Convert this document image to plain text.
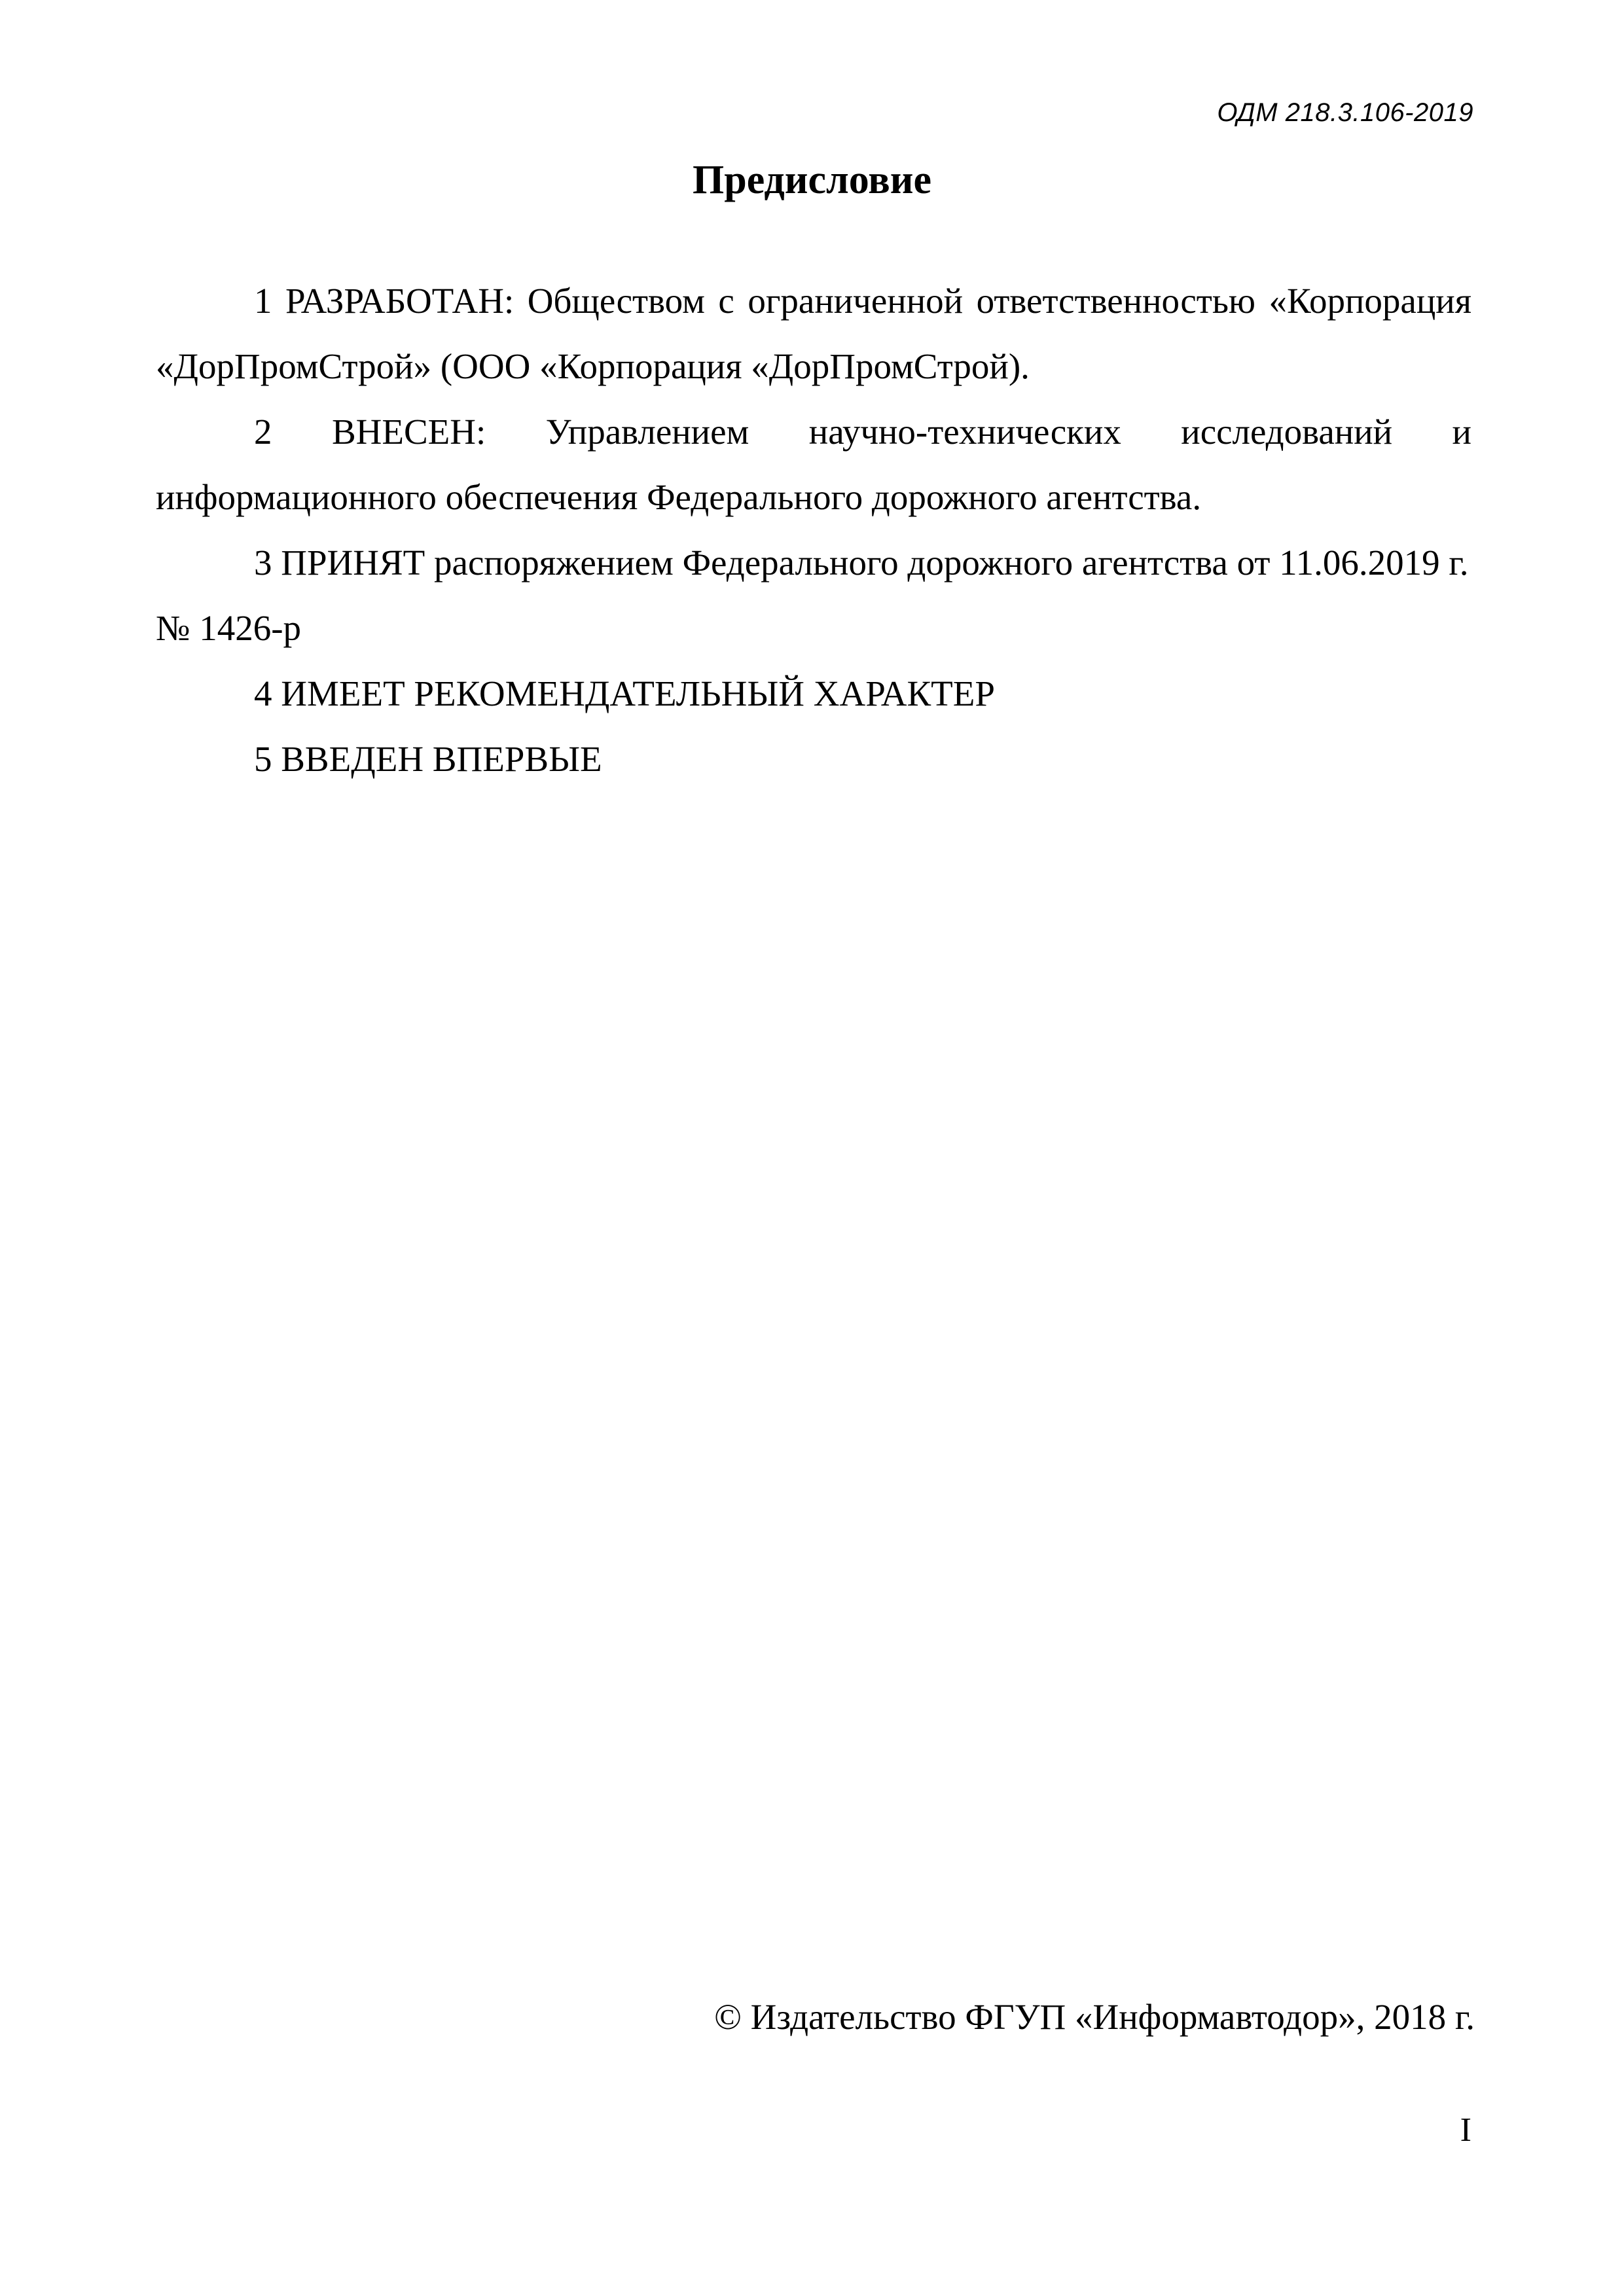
ОДМ 218.3.106-2019
Предисловие

1 РАЗРАБОТАН: Обществом с ограниченной ответственностью «Корпорация «ДорПромСтрой» (ООО «Корпорация «ДорПромСтрой).

2 ВНЕСЕН: Управлением научно-технических исследований и информационного обеспечения Федерального дорожного агентства.

3 ПРИНЯТ распоряжением Федерального дорожного агентства от 11.06.2019 г. № 1426-р

4 ИМЕЕТ РЕКОМЕНДАТЕЛЬНЫЙ ХАРАКТЕР

5 ВВЕДЕН ВПЕРВЫЕ

© Издательство ФГУП «Информавтодор», 2018 г.
I
